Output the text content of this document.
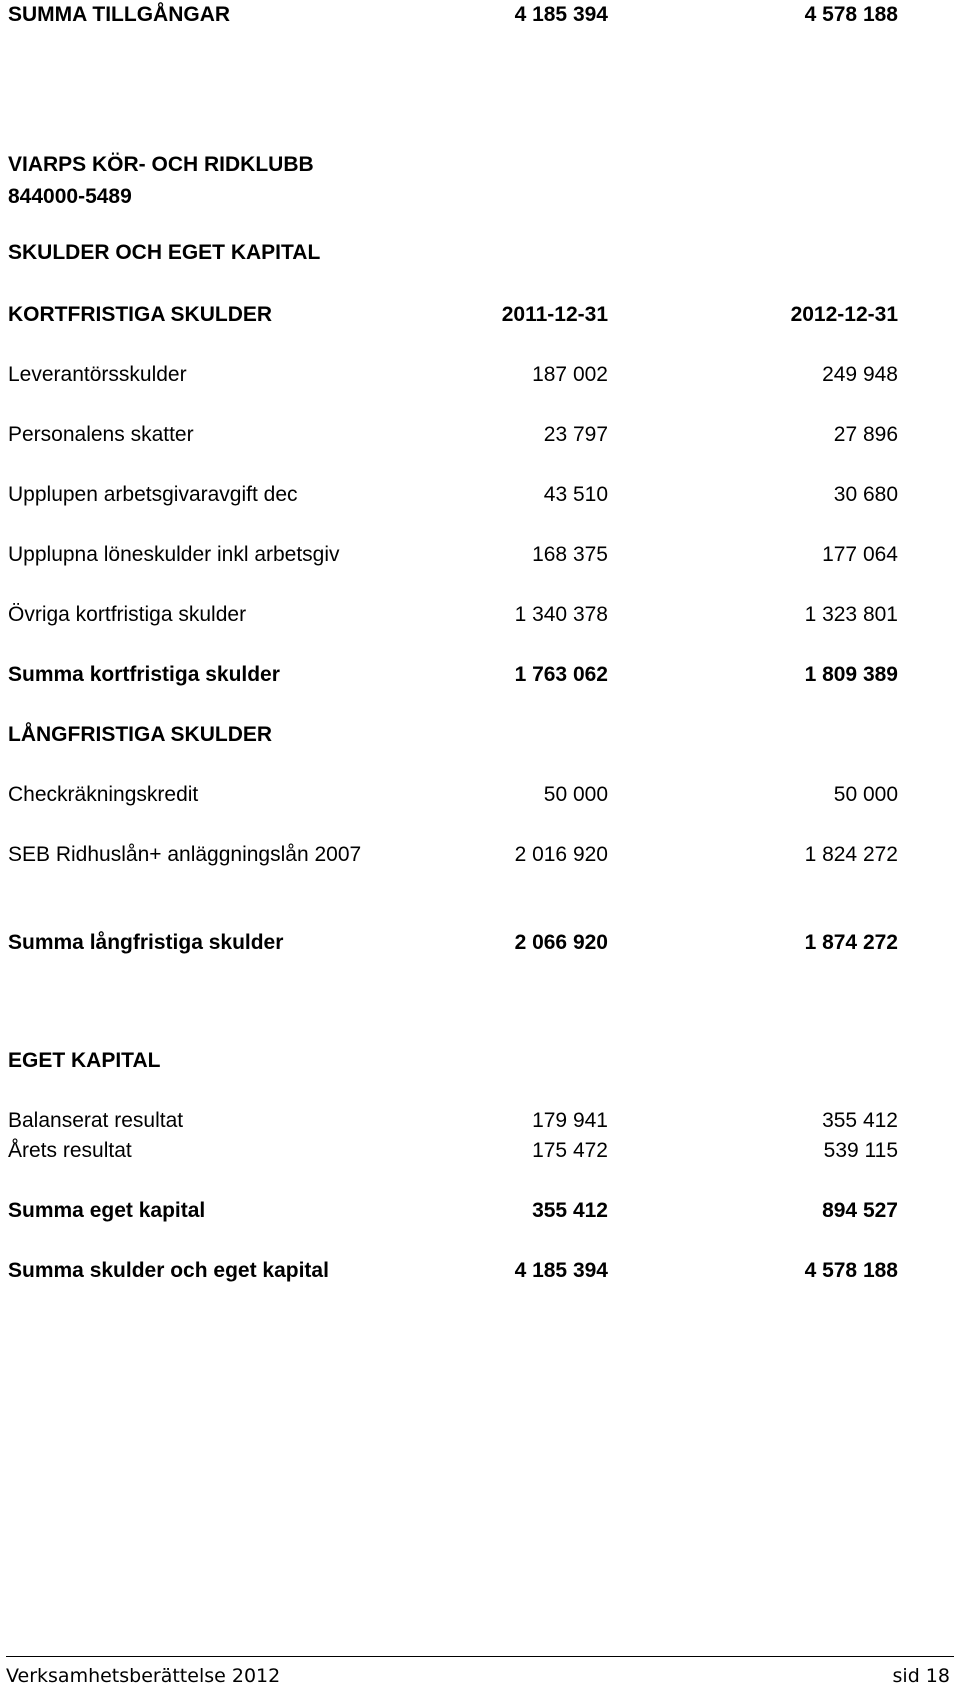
SUMMA TILLGÅNGAR	4 185 394	4 578 188
VIARPS KÖR- OCH RIDKLUBB
844000-5489
SKULDER OCH EGET KAPITAL
KORTFRISTIGA SKULDER	2011-12-31	2012-12-31
Leverantörsskulder	187 002	249 948
Personalens skatter	23 797	27 896
Upplupen arbetsgivaravgift dec	43 510	30 680
Upplupna löneskulder inkl arbetsgiv	168 375	177 064
Övriga kortfristiga skulder	1 340 378	1 323 801
Summa kortfristiga skulder	1 763 062	1 809 389
LÅNGFRISTIGA SKULDER
Checkräkningskredit	50 000	50 000
SEB Ridhuslån+ anläggningslån 2007	2 016 920	1 824 272
Summa långfristiga skulder	2 066 920	1 874 272
EGET KAPITAL
Balanserat resultat	179 941	355 412
Årets resultat	175 472	539 115
Summa eget kapital	355 412	894 527
Summa skulder och eget kapital	4 185 394	4 578 188
Verksamhetsberättelse 2012	sid 18
